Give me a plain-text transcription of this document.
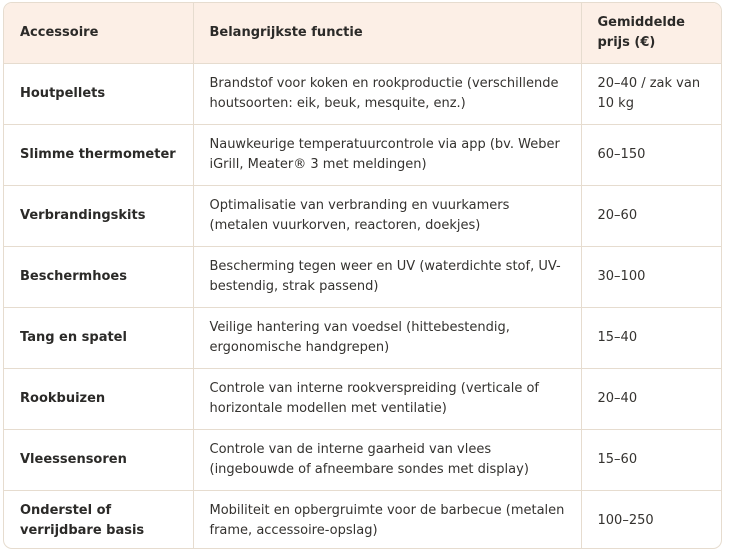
Accessoire	Belangrijkste functie	Gemiddelde prijs (€)
Houtpellets	Brandstof voor koken en rookproductie (verschillende houtsoorten: eik, beuk, mesquite, enz.)	20–40 / zak van 10 kg
Slimme thermometer	Nauwkeurige temperatuurcontrole via app (bv. Weber iGrill, Meater® 3 met meldingen)	60–150
Verbrandingskits	Optimalisatie van verbranding en vuurkamers (metalen vuurkorven, reactoren, doekjes)	20–60
Beschermhoes	Bescherming tegen weer en UV (waterdichte stof, UV-bestendig, strak passend)	30–100
Tang en spatel	Veilige hantering van voedsel (hittebestendig, ergonomische handgrepen)	15–40
Rookbuizen	Controle van interne rookverspreiding (verticale of horizontale modellen met ventilatie)	20–40
Vleessensoren	Controle van de interne gaarheid van vlees (ingebouwde of afneembare sondes met display)	15–60
Onderstel of verrijdbare basis	Mobiliteit en opbergruimte voor de barbecue (metalen frame, accessoire-opslag)	100–250
